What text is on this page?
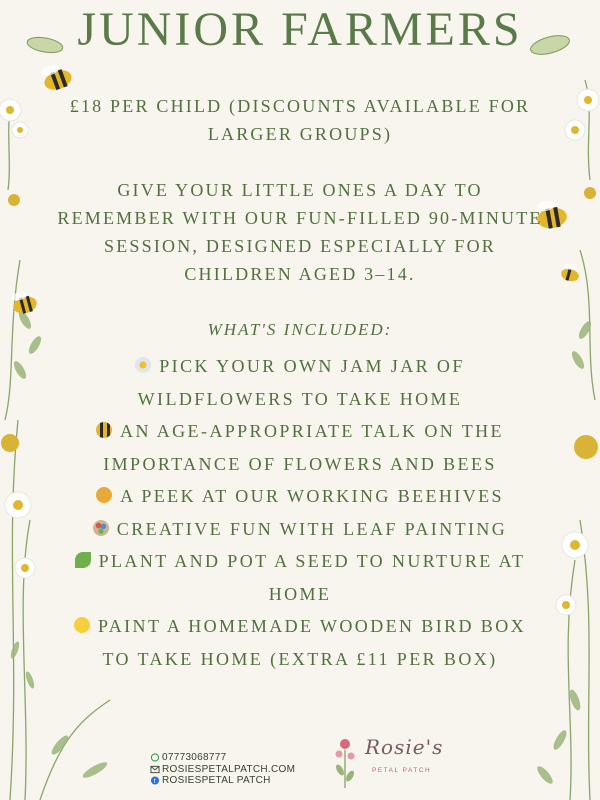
JUNIOR FARMERS
£18 PER CHILD (DISCOUNTS AVAILABLE FOR LARGER GROUPS)
GIVE YOUR LITTLE ONES A DAY TO REMEMBER WITH OUR FUN-FILLED 90-MINUTE SESSION, DESIGNED ESPECIALLY FOR CHILDREN AGED 3–14.
WHAT'S INCLUDED:
PICK YOUR OWN JAM JAR OF WILDFLOWERS TO TAKE HOME
AN AGE-APPROPRIATE TALK ON THE IMPORTANCE OF FLOWERS AND BEES
A PEEK AT OUR WORKING BEEHIVES
CREATIVE FUN WITH LEAF PAINTING
PLANT AND POT A SEED TO NURTURE AT HOME
PAINT A HOMEMADE WOODEN BIRD BOX TO TAKE HOME (EXTRA £11 PER BOX)
07773068777
ROSIESPETALPATCH.COM
f ROSIESPETAL PATCH
Rosie's
PETAL PATCH
